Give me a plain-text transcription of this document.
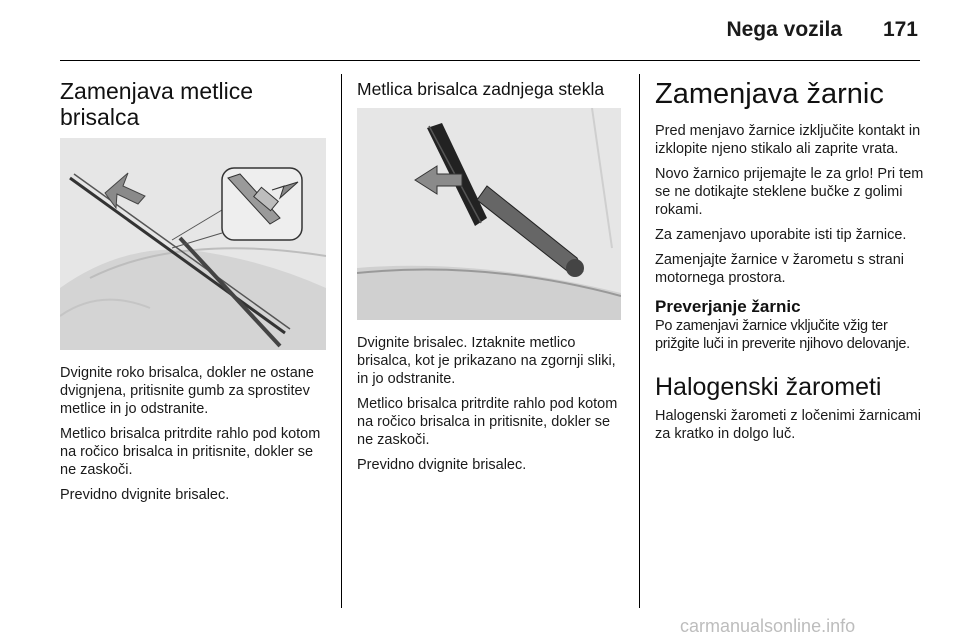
Nega vozila	171
Zamenjava metlice brisalca

Dvignite roko brisalca, dokler ne ostane dvignjena, pritisnite gumb za sprostitev metlice in jo odstranite.

Metlico brisalca pritrdite rahlo pod kotom na ročico brisalca in pritisnite, dokler se ne zaskoči.

Previdno dvignite brisalec.

Metlica brisalca zadnjega stekla

Dvignite brisalec. Iztaknite metlico brisalca, kot je prikazano na zgornji sliki, in jo odstranite.

Metlico brisalca pritrdite rahlo pod kotom na ročico brisalca in pritisnite, dokler se ne zaskoči.

Previdno dvignite brisalec.

Zamenjava žarnic

Pred menjavo žarnice izključite kontakt in izklopite njeno stikalo ali zaprite vrata.

Novo žarnico prijemajte le za grlo! Pri tem se ne dotikajte steklene bučke z golimi rokami.

Za zamenjavo uporabite isti tip žarnice.

Zamenjajte žarnice v žarometu s strani motornega prostora.

Preverjanje žarnic

Po zamenjavi žarnice vključite vžig ter prižgite luči in preverite njihovo delovanje.

Halogenski žarometi

Halogenski žarometi z ločenimi žarnicami za kratko in dolgo luč.

carmanualsonline.info
